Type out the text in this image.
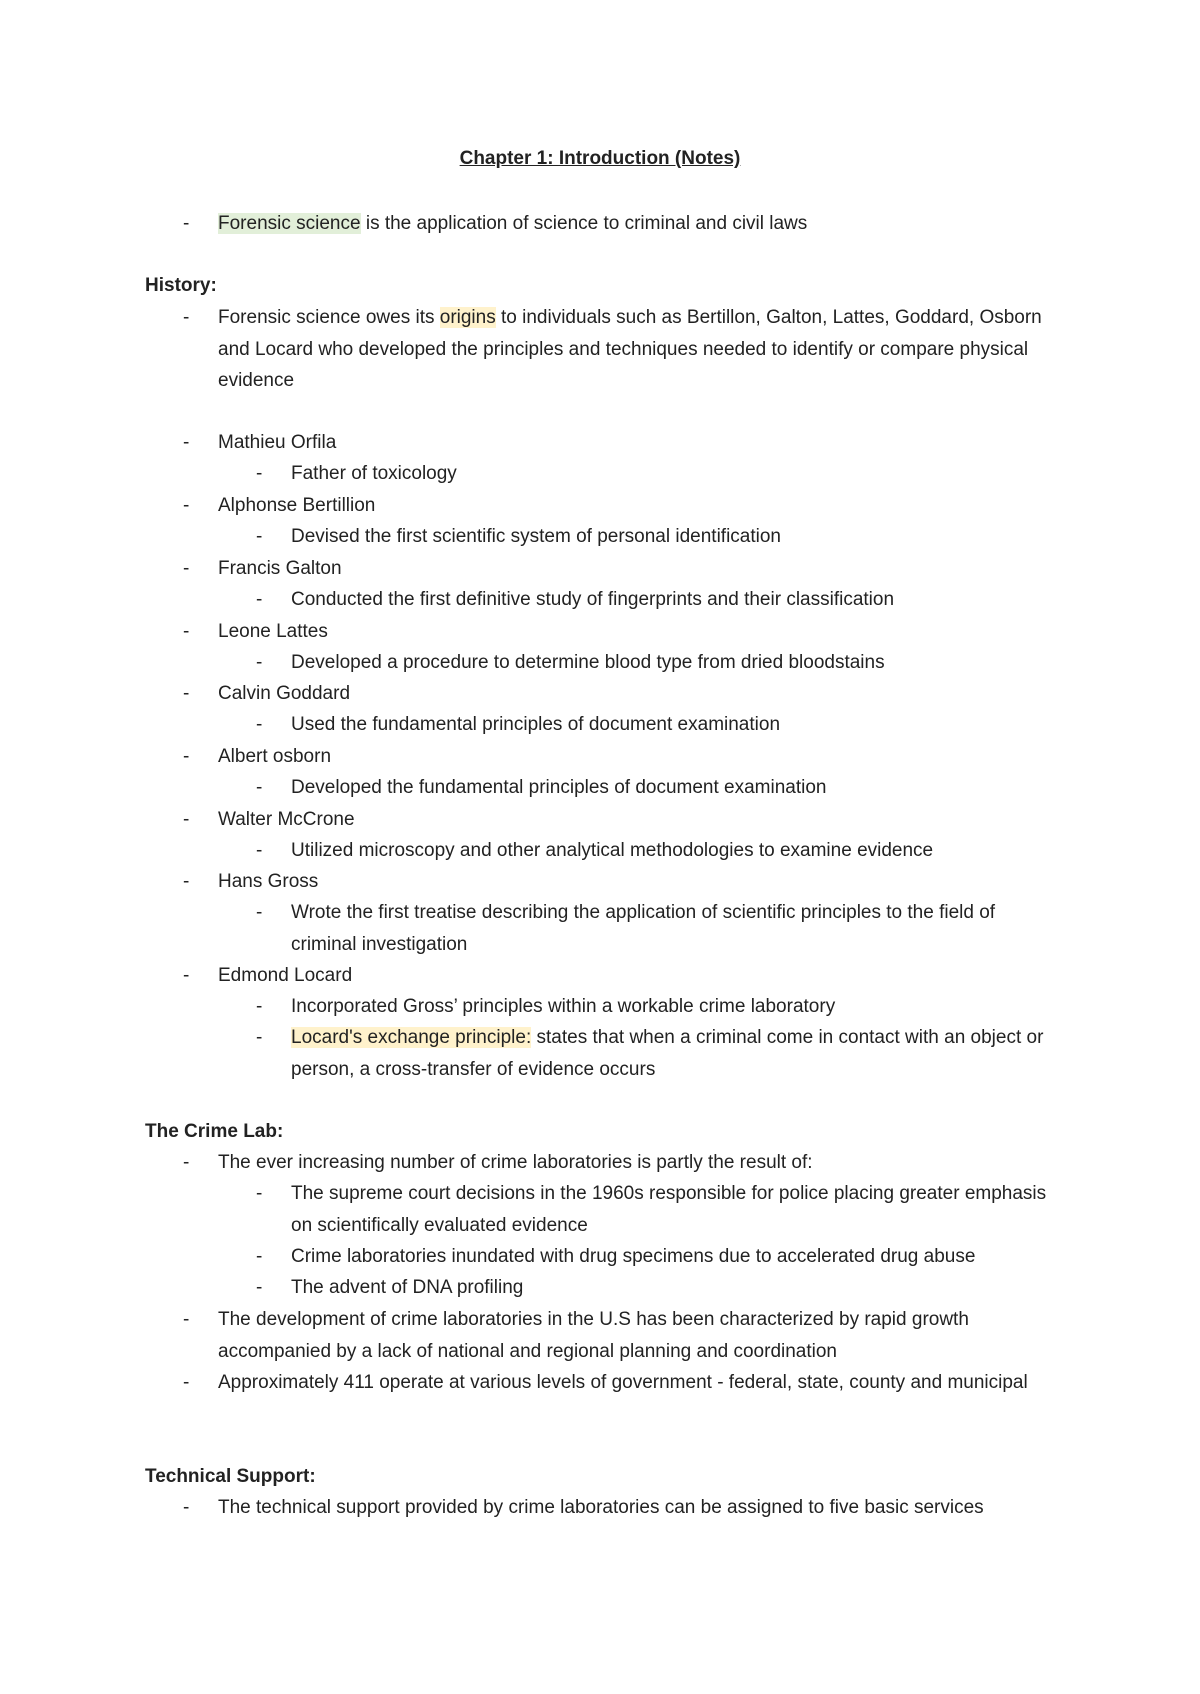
Chapter 1: Introduction (Notes)
- Forensic science is the application of science to criminal and civil laws
History:
- Forensic science owes its origins to individuals such as Bertillon, Galton, Lattes, Goddard, Osborn and Locard who developed the principles and techniques needed to identify or compare physical evidence
- Mathieu Orfila
- Father of toxicology
- Alphonse Bertillion
- Devised the first scientific system of personal identification
- Francis Galton
- Conducted the first definitive study of fingerprints and their classification
- Leone Lattes
- Developed a procedure to determine blood type from dried bloodstains
- Calvin Goddard
- Used the fundamental principles of document examination
- Albert osborn
- Developed the fundamental principles of document examination
- Walter McCrone
- Utilized microscopy and other analytical methodologies to examine evidence
- Hans Gross
- Wrote the first treatise describing the application of scientific principles to the field of criminal investigation
- Edmond Locard
- Incorporated Gross’ principles within a workable crime laboratory
- Locard's exchange principle: states that when a criminal come in contact with an object or person, a cross-transfer of evidence occurs
The Crime Lab:
- The ever increasing number of crime laboratories is partly the result of:
- The supreme court decisions in the 1960s responsible for police placing greater emphasis on scientifically evaluated evidence
- Crime laboratories inundated with drug specimens due to accelerated drug abuse
- The advent of DNA profiling
- The development of crime laboratories in the U.S has been characterized by rapid growth accompanied by a lack of national and regional planning and coordination
- Approximately 411 operate at various levels of government - federal, state, county and municipal
Technical Support:
- The technical support provided by crime laboratories can be assigned to five basic services
